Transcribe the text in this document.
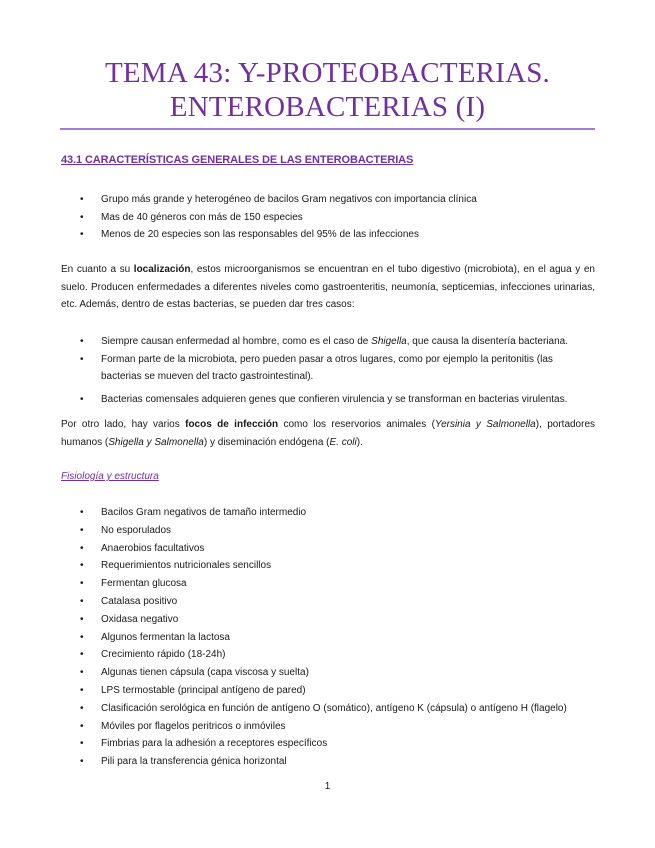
TEMA 43: Y-PROTEOBACTERIAS.
ENTEROBACTERIAS (I)
43.1 CARACTERÍSTICAS GENERALES DE LAS ENTEROBACTERIAS
• Grupo más grande y heterogéneo de bacilos Gram negativos con importancia clínica
• Mas de 40 géneros con más de 150 especies
• Menos de 20 especies son las responsables del 95% de las infecciones

En cuanto a su localización, estos microorganismos se encuentran en el tubo digestivo (microbiota), en el agua y en suelo. Producen enfermedades a diferentes niveles como gastroenteritis, neumonía, septicemias, infecciones urinarias, etc. Además, dentro de estas bacterias, se pueden dar tres casos:

• Siempre causan enfermedad al hombre, como es el caso de Shigella, que causa la disentería bacteriana.
• Forman parte de la microbiota, pero pueden pasar a otros lugares, como por ejemplo la peritonitis (las bacterias se mueven del tracto gastrointestinal).
• Bacterias comensales adquieren genes que confieren virulencia y se transforman en bacterias virulentas.

Por otro lado, hay varios focos de infección como los reservorios animales (Yersinia y Salmonella), portadores humanos (Shigella y Salmonella) y diseminación endógena (E. coli).

Fisiología y estructura
• Bacilos Gram negativos de tamaño intermedio
• No esporulados
• Anaerobios facultativos
• Requerimientos nutricionales sencillos
• Fermentan glucosa
• Catalasa positivo
• Oxidasa negativo
• Algunos fermentan la lactosa
• Crecimiento rápido (18-24h)
• Algunas tienen cápsula (capa viscosa y suelta)
• LPS termostable (principal antígeno de pared)
• Clasificación serológica en función de antígeno O (somático), antígeno K (cápsula) o antígeno H (flagelo)
• Móviles por flagelos peritricos o inmóviles
• Fimbrias para la adhesión a receptores específicos
• Pili para la transferencia génica horizontal
1
